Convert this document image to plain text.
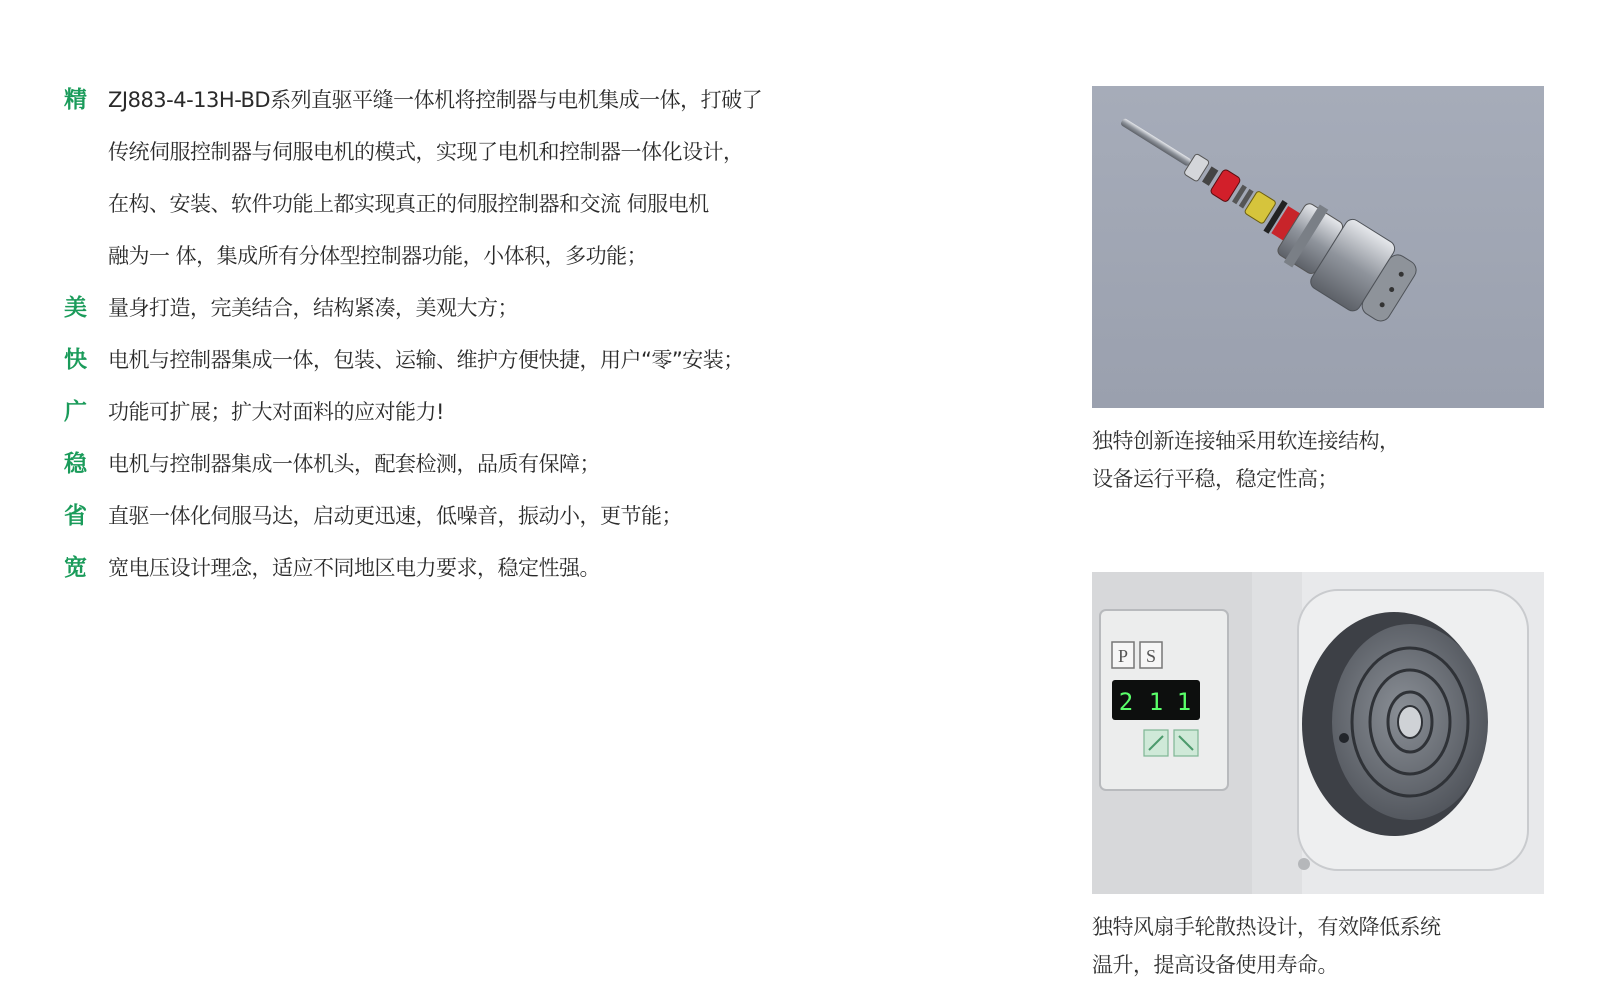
精	ZJ883-4-13H-BD系列直驱平缝一体机将控制器与电机集成一体，打破了
传统伺服控制器与伺服电机的模式，实现了电机和控制器一体化设计，
在构、安装、软件功能上都实现真正的伺服控制器和交流 伺服电机
融为一 体，集成所有分体型控制器功能，小体积，多功能；
美	量身打造，完美结合，结构紧凑，美观大方；
快	电机与控制器集成一体，包装、运输、维护方便快捷，用户“零”安装；
广	功能可扩展；扩大对面料的应对能力!
稳	电机与控制器集成一体机头，配套检测，品质有保障；
省	直驱一体化伺服马达，启动更迅速，低噪音，振动小，更节能；
宽	宽电压设计理念，适应不同地区电力要求，稳定性强。
独特创新连接轴采用软连接结构，
设备运行平稳，稳定性高；
P S
2 1 1
独特风扇手轮散热设计，有效降低系统
温升，提高设备使用寿命。
